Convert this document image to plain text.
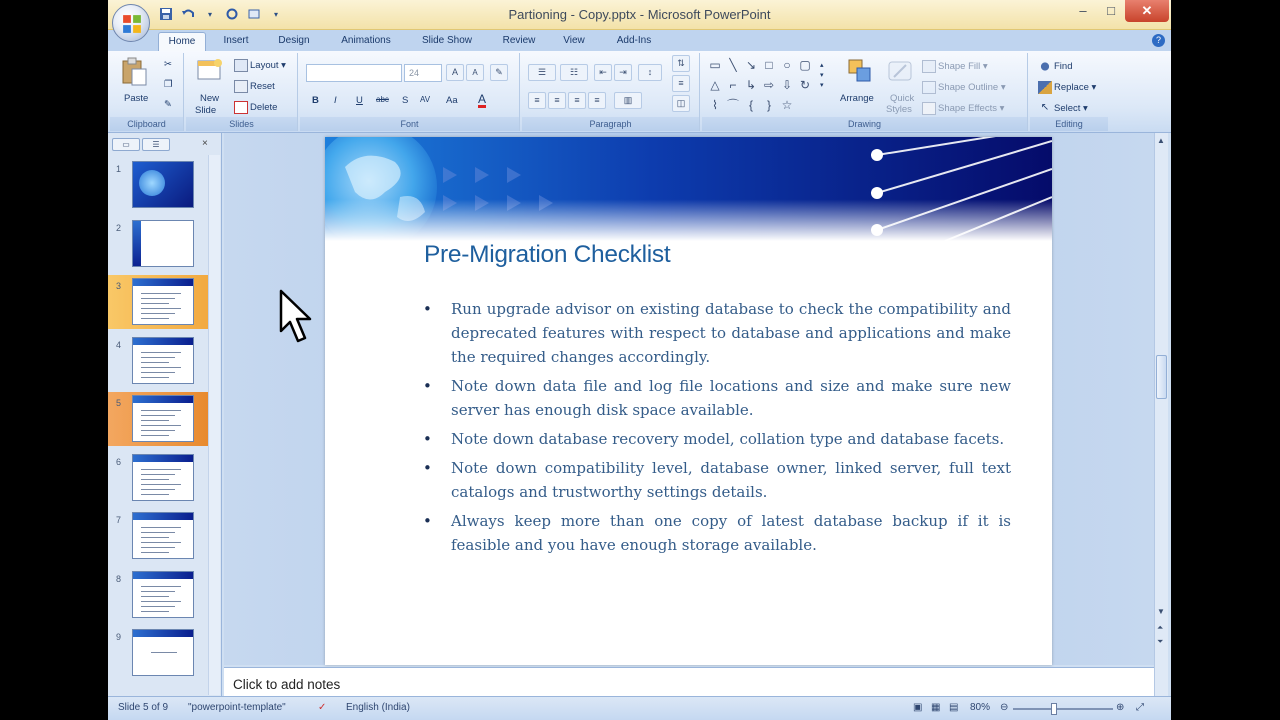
▾	▾	Partioning - Copy.pptx - Microsoft PowerPoint	–	□	✕
Home	Insert	Design	Animations	Slide Show	Review	View	Add-Ins	?
Paste
✂
❐
✎
Clipboard
New
Slide
Layout ▾
Reset
Delete
Slides
24	A	A	✎
B I U abc S AV Aa A
Font
☰	☷	⇤	⇥	↕
⇅
≡
◫
≡	≡	≡	≡	▥
Paragraph
▭ ╲ ↘ □ ○ ▢
△ ⌐ ↳ ⇨ ⇩ ↻
⌇ ⌒ {	} ☆
▴
▾
▾
Arrange Quick
Styles
Shape Fill ▾
Shape Outline ▾
Shape Effects ▾
Drawing
Find
Replace ▾
↖ Select ▾
Editing
▭	☰	×
1
2
3
4
5
6
7
8
9
Pre-Migration Checklist
• Run upgrade advisor on existing database to check the compatibility and deprecated features with respect to database and applications and make the required changes accordingly.
• Note down data file and log file locations and size and make sure new server has enough disk space available.
• Note down database recovery model, collation type and database facets.
• Note down compatibility level, database owner, linked server, full text catalogs and trustworthy settings details.
• Always keep more than one copy of latest database backup if it is feasible and you have enough storage available.
▲
▼
⏶
⏷
Click to add notes
Slide 5 of 9 "powerpoint-template"	✓ English (India)	▣ ▦ ▤ 80% ⊖	⊕ ⤢
